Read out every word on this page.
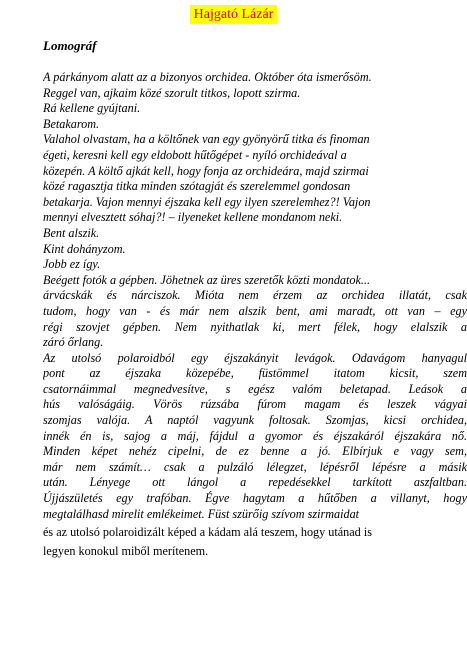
Hajgató Lázár
Lomográf
A párkányom alatt az a bizonyos orchidea. Október óta ismerősöm.
Reggel van, ajkaim közé szorult titkos, lopott szirma.
Rá kellene gyújtani.
Betakarom.
Valahol olvastam, ha a költőnek van egy gyönyörű titka és finoman
égeti, keresni kell egy eldobott hűtőgépet - nyíló orchideával a
közepén. A költő ajkát kell, hogy fonja az orchideára, majd szirmai
közé ragasztja titka minden szótagját és szerelemmel gondosan
betakarja. Vajon mennyi éjszaka kell egy ilyen szerelemhez?! Vajon
mennyi elvesztett sóhaj?! – ilyeneket kellene mondanom neki.
Bent alszik.
Kint dohányzom.
Jobb ez így.
Beégett fotók a gépben. Jöhetnek az üres szeretők közti mondatok...
árvácskák és nárciszok. Mióta nem érzem az orchidea illatát, csak
tudom, hogy van - és már nem alszik bent, ami maradt, ott van – egy
régi szovjet gépben. Nem nyithatlak ki, mert félek, hogy elalszik a
záró őrlang.
Az utolsó polaroidból egy éjszakányit levágok. Odavágom hanyagul
pont az éjszaka közepébe, füstömmel itatom kicsit, szem
csatornáimmal megnedvesítve, s egész valóm beletapad. Leások a
hús valóságáig. Vörös rúzsába fúrom magam és leszek vágyai
szomjas valója. A naptól vagyunk foltosak. Szomjas, kicsi orchidea,
innék én is, sajog a máj, fájdul a gyomor és éjszakáról éjszakára nő.
Minden képet nehéz cipelni, de ez benne a jó. Elbírjuk e vagy sem,
már nem számít… csak a pulzáló lélegzet, lépésről lépésre a másik
után. Lényege ott lángol a repedésekkel tarkított aszfaltban.
Újjászületés egy trafóban. Égve hagytam a hűtőben a villanyt, hogy
megtalálhasd mirelit emlékeimet. Füst szürőig szívom szirmaidat
és az utolsó polaroidizált képed a kádam alá teszem, hogy utánad is
legyen konokul miből merítenem.
